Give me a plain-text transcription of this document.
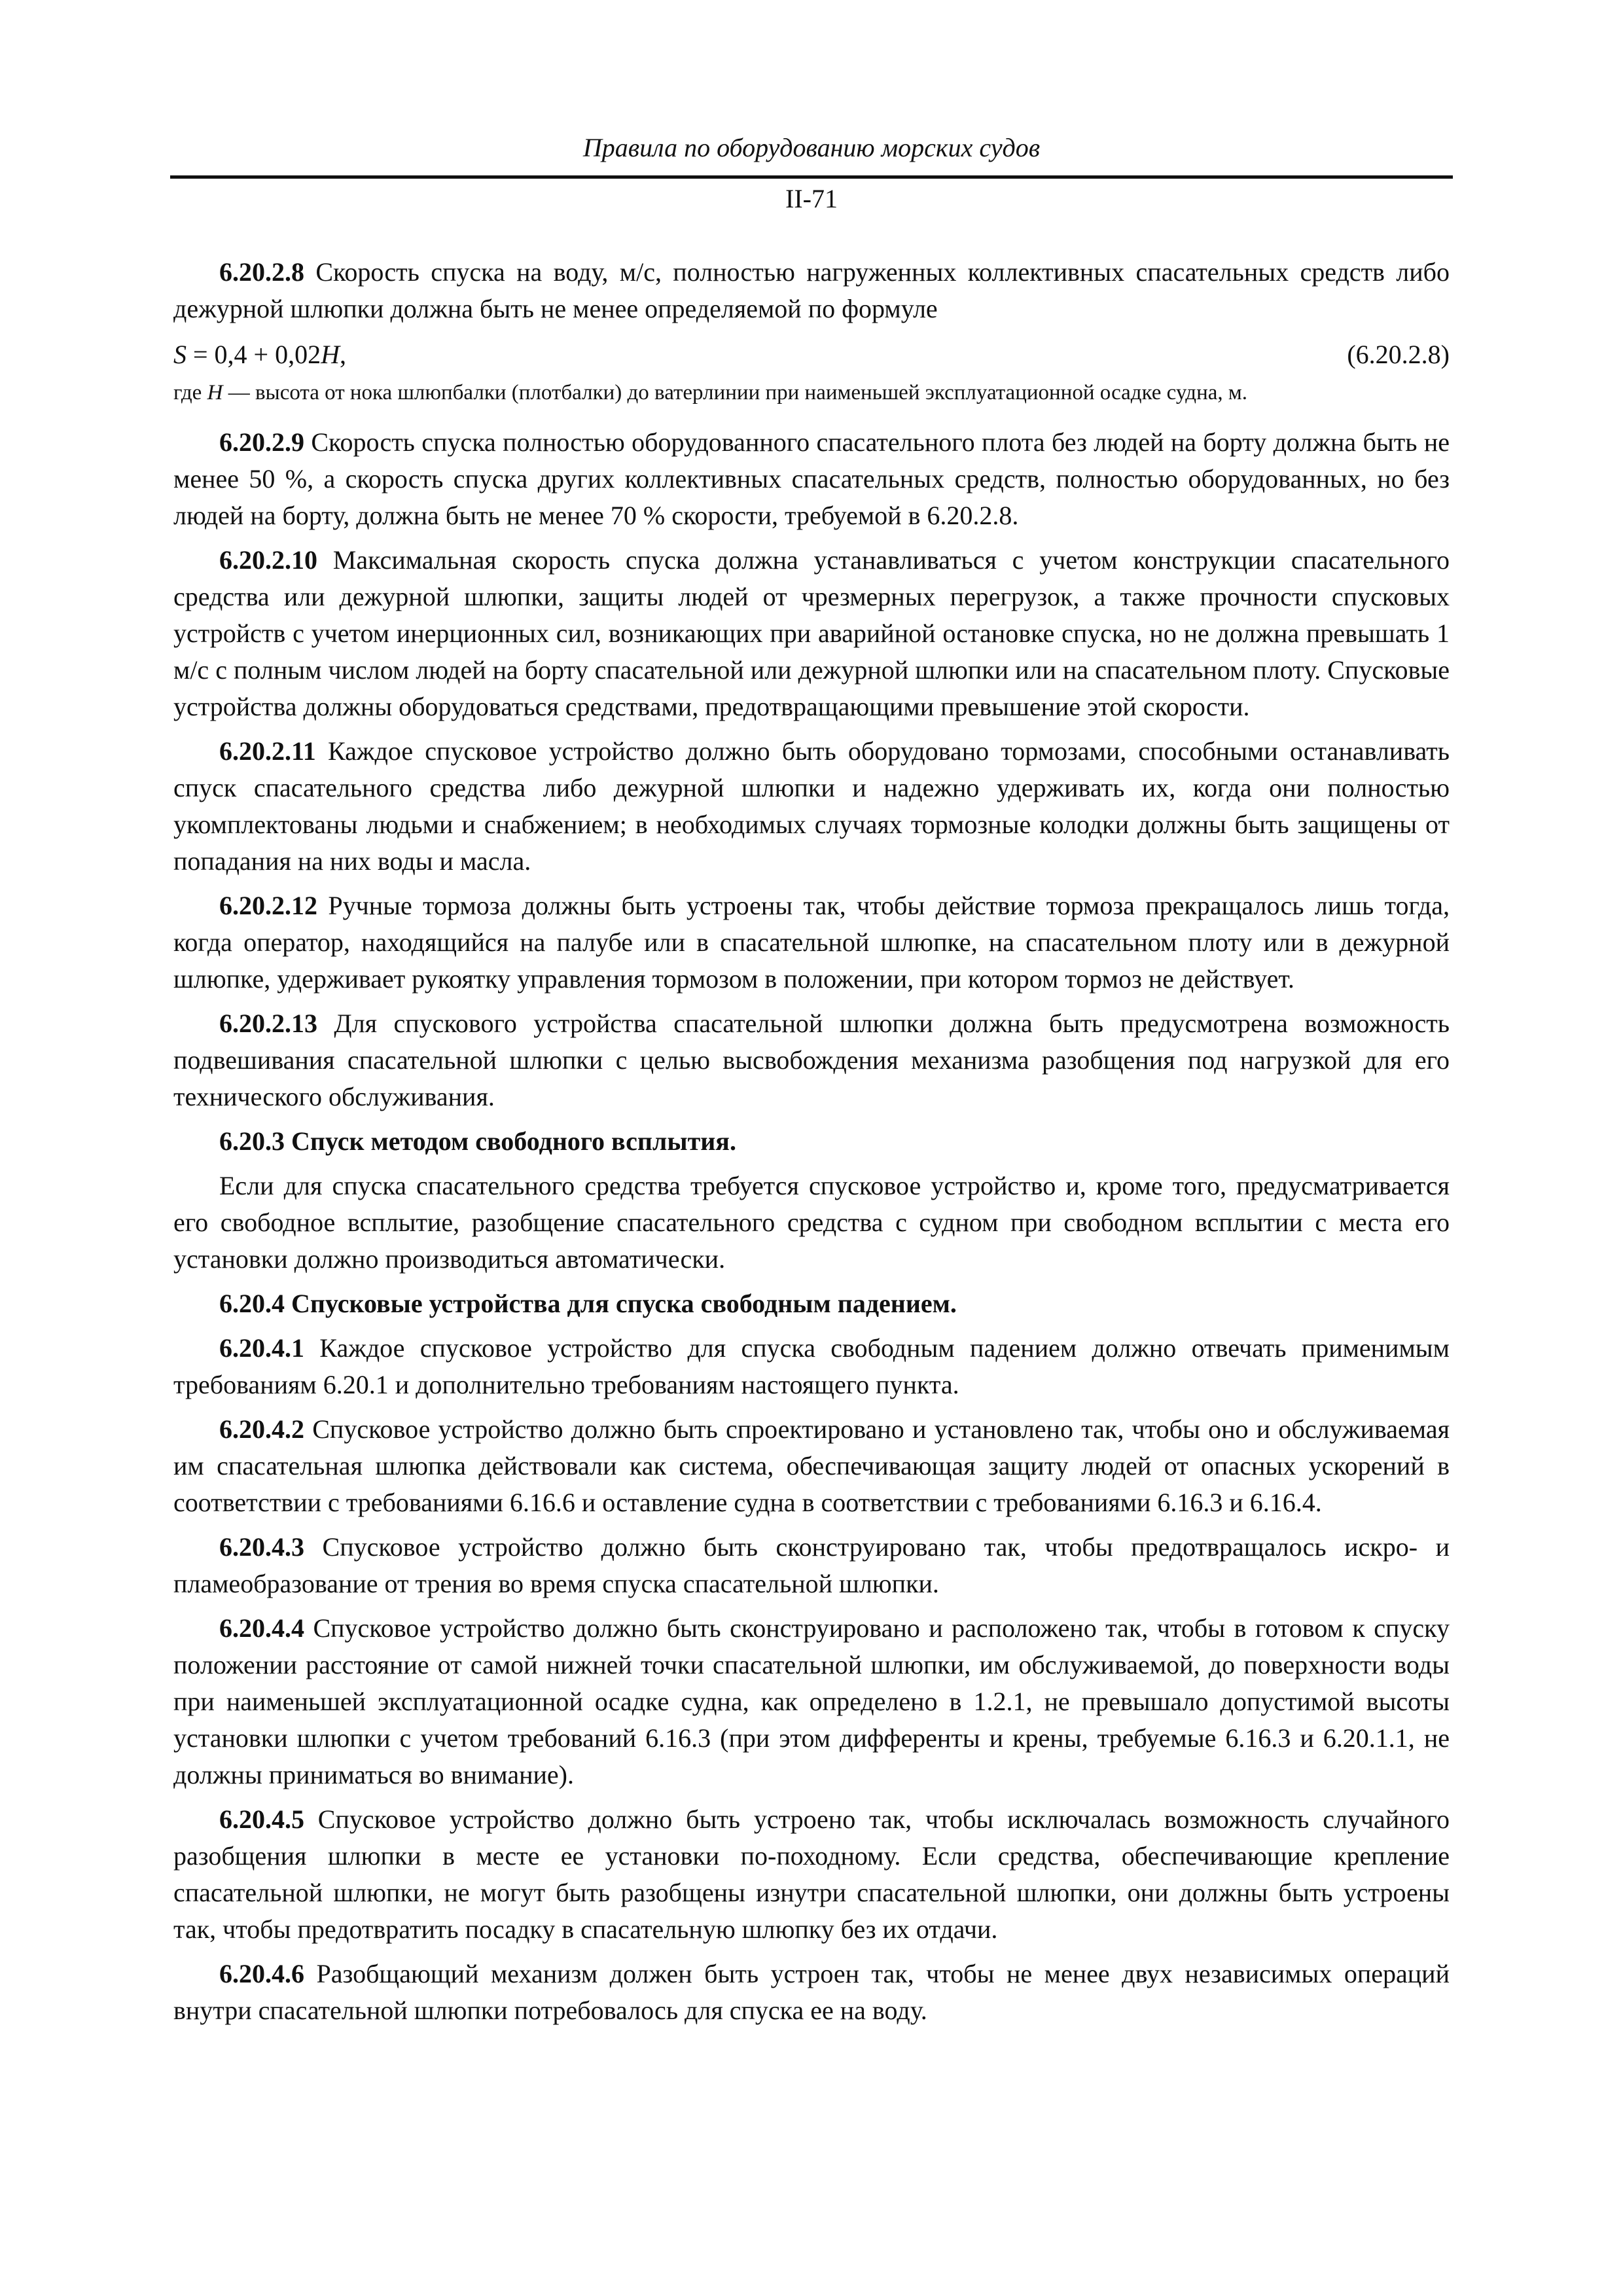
Правила по оборудованию морских судов
II-71

6.20.2.8 Скорость спуска на воду, м/с, полностью нагруженных коллективных спасательных средств либо дежурной шлюпки должна быть не менее определяемой по формуле

S = 0,4 + 0,02H,	(6.20.2.8)

где H — высота от нока шлюпбалки (плотбалки) до ватерлинии при наименьшей эксплуатационной осадке судна, м.

6.20.2.9 Скорость спуска полностью оборудованного спасательного плота без людей на борту должна быть не менее 50 %, а скорость спуска других коллективных спасательных средств, полностью оборудованных, но без людей на борту, должна быть не менее 70 % скорости, требуемой в 6.20.2.8.

6.20.2.10 Максимальная скорость спуска должна устанавливаться с учетом конструкции спасательного средства или дежурной шлюпки, защиты людей от чрезмерных перегрузок, а также прочности спусковых устройств с учетом инерционных сил, возникающих при аварийной остановке спуска, но не должна превышать 1 м/с с полным числом людей на борту спасательной или дежурной шлюпки или на спасательном плоту. Спусковые устройства должны оборудоваться средствами, предотвращающими превышение этой скорости.

6.20.2.11 Каждое спусковое устройство должно быть оборудовано тормозами, способными останавливать спуск спасательного средства либо дежурной шлюпки и надежно удерживать их, когда они полностью укомплектованы людьми и снабжением; в необходимых случаях тормозные колодки должны быть защищены от попадания на них воды и масла.

6.20.2.12 Ручные тормоза должны быть устроены так, чтобы действие тормоза прекращалось лишь тогда, когда оператор, находящийся на палубе или в спасательной шлюпке, на спасательном плоту или в дежурной шлюпке, удерживает рукоятку управления тормозом в положении, при котором тормоз не действует.

6.20.2.13 Для спускового устройства спасательной шлюпки должна быть предусмотрена возможность подвешивания спасательной шлюпки с целью высвобождения механизма разобщения под нагрузкой для его технического обслуживания.

6.20.3 Спуск методом свободного всплытия.

Если для спуска спасательного средства требуется спусковое устройство и, кроме того, предусматривается его свободное всплытие, разобщение спасательного средства с судном при свободном всплытии с места его установки должно производиться автоматически.

6.20.4 Спусковые устройства для спуска свободным падением.

6.20.4.1 Каждое спусковое устройство для спуска свободным падением должно отвечать применимым требованиям 6.20.1 и дополнительно требованиям настоящего пункта.

6.20.4.2 Спусковое устройство должно быть спроектировано и установлено так, чтобы оно и обслуживаемая им спасательная шлюпка действовали как система, обеспечивающая защиту людей от опасных ускорений в соответствии с требованиями 6.16.6 и оставление судна в соответствии с требованиями 6.16.3 и 6.16.4.

6.20.4.3 Спусковое устройство должно быть сконструировано так, чтобы предотвращалось искро- и пламеобразование от трения во время спуска спасательной шлюпки.

6.20.4.4 Спусковое устройство должно быть сконструировано и расположено так, чтобы в готовом к спуску положении расстояние от самой нижней точки спасательной шлюпки, им обслуживаемой, до поверхности воды при наименьшей эксплуатационной осадке судна, как определено в 1.2.1, не превышало допустимой высоты установки шлюпки с учетом требований 6.16.3 (при этом дифференты и крены, требуемые 6.16.3 и 6.20.1.1, не должны приниматься во внимание).

6.20.4.5 Спусковое устройство должно быть устроено так, чтобы исключалась возможность случайного разобщения шлюпки в месте ее установки по-походному. Если средства, обеспечивающие крепление спасательной шлюпки, не могут быть разобщены изнутри спасательной шлюпки, они должны быть устроены так, чтобы предотвратить посадку в спасательную шлюпку без их отдачи.

6.20.4.6 Разобщающий механизм должен быть устроен так, чтобы не менее двух независимых операций внутри спасательной шлюпки потребовалось для спуска ее на воду.
